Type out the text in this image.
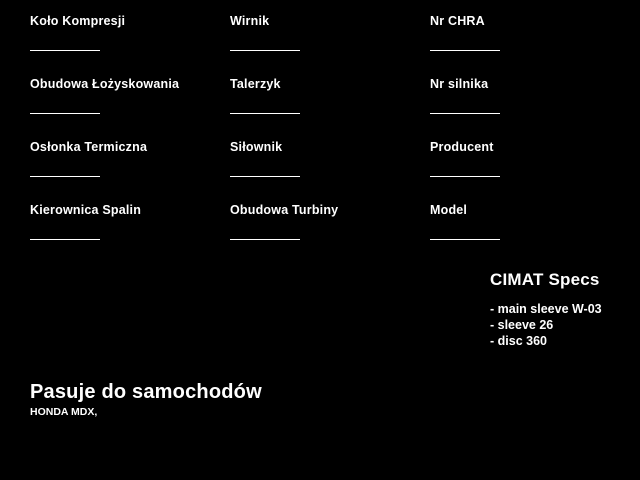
Koło Kompresji	Wirnik	Nr CHRA
Obudowa Łożyskowania	Talerzyk	Nr silnika
Osłonka Termiczna	Siłownik	Producent
Kierownica Spalin	Obudowa Turbiny	Model
CIMAT Specs
- main sleeve W-03
- sleeve 26
- disc 360
Pasuje do samochodów
HONDA MDX,
